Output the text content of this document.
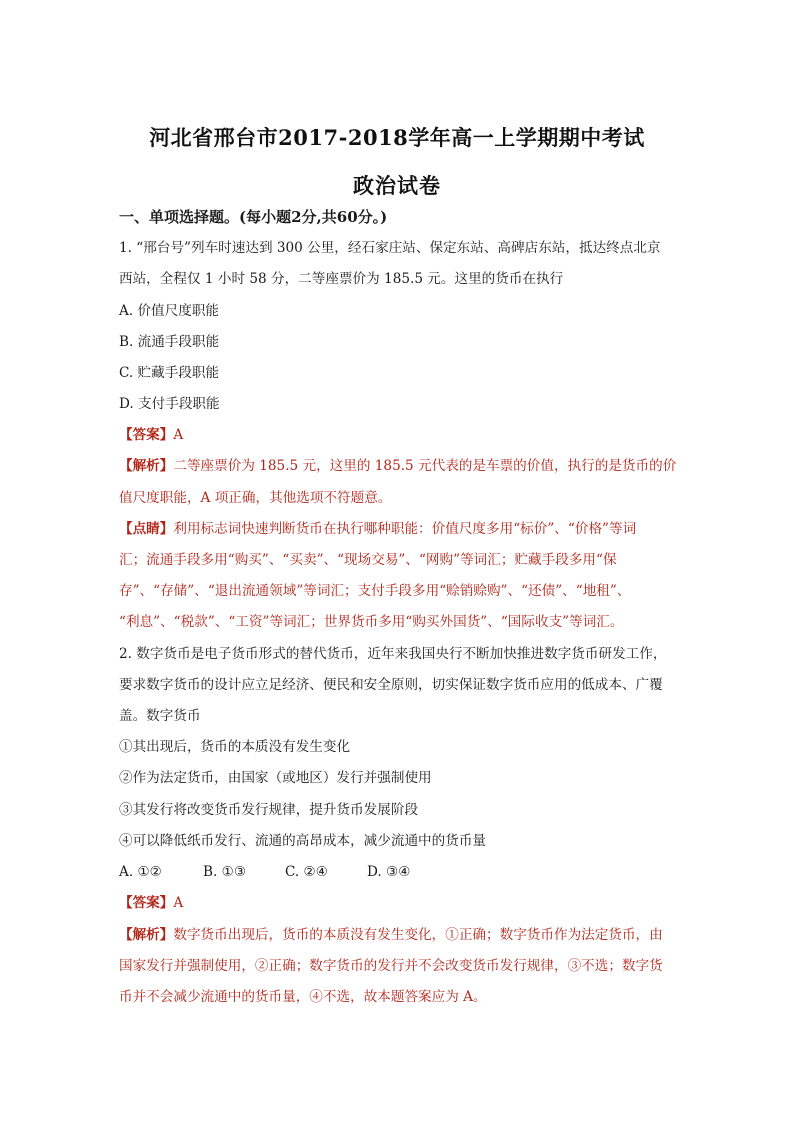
河北省邢台市2017-2018学年高一上学期期中考试
政治试卷
一、单项选择题。(每小题2分,共60分。)
1. “邢台号”列车时速达到 300 公里，经石家庄站、保定东站、高碑店东站，抵达终点北京
西站，全程仅 1 小时 58 分，二等座票价为 185.5 元。这里的货币在执行
A. 价值尺度职能
B. 流通手段职能
C. 贮藏手段职能
D. 支付手段职能
【答案】A
【解析】二等座票价为 185.5 元，这里的 185.5 元代表的是车票的价值，执行的是货币的价
值尺度职能，A 项正确，其他选项不符题意。
【点睛】利用标志词快速判断货币在执行哪种职能：价值尺度多用“标价”、“价格”等词
汇；流通手段多用“购买”、“买卖”、“现场交易”、“网购”等词汇；贮藏手段多用“保
存”、“存储”、“退出流通领域”等词汇；支付手段多用“赊销赊购”、“还债”、“地租”、
“利息”、“税款”、“工资”等词汇；世界货币多用“购买外国货”、“国际收支”等词汇。
2. 数字货币是电子货币形式的替代货币，近年来我国央行不断加快推进数字货币研发工作，
要求数字货币的设计应立足经济、便民和安全原则，切实保证数字货币应用的低成本、广覆
盖。数字货币
①其出现后，货币的本质没有发生变化
②作为法定货币，由国家（或地区）发行并强制使用
③其发行将改变货币发行规律，提升货币发展阶段
④可以降低纸币发行、流通的高昂成本，减少流通中的货币量
A. ①②	B. ①③	C. ②④	D. ③④
【答案】A
【解析】数字货币出现后，货币的本质没有发生变化，①正确；数字货币作为法定货币，由
国家发行并强制使用，②正确；数字货币的发行并不会改变货币发行规律，③不选；数字货
币并不会减少流通中的货币量，④不选，故本题答案应为 A。
